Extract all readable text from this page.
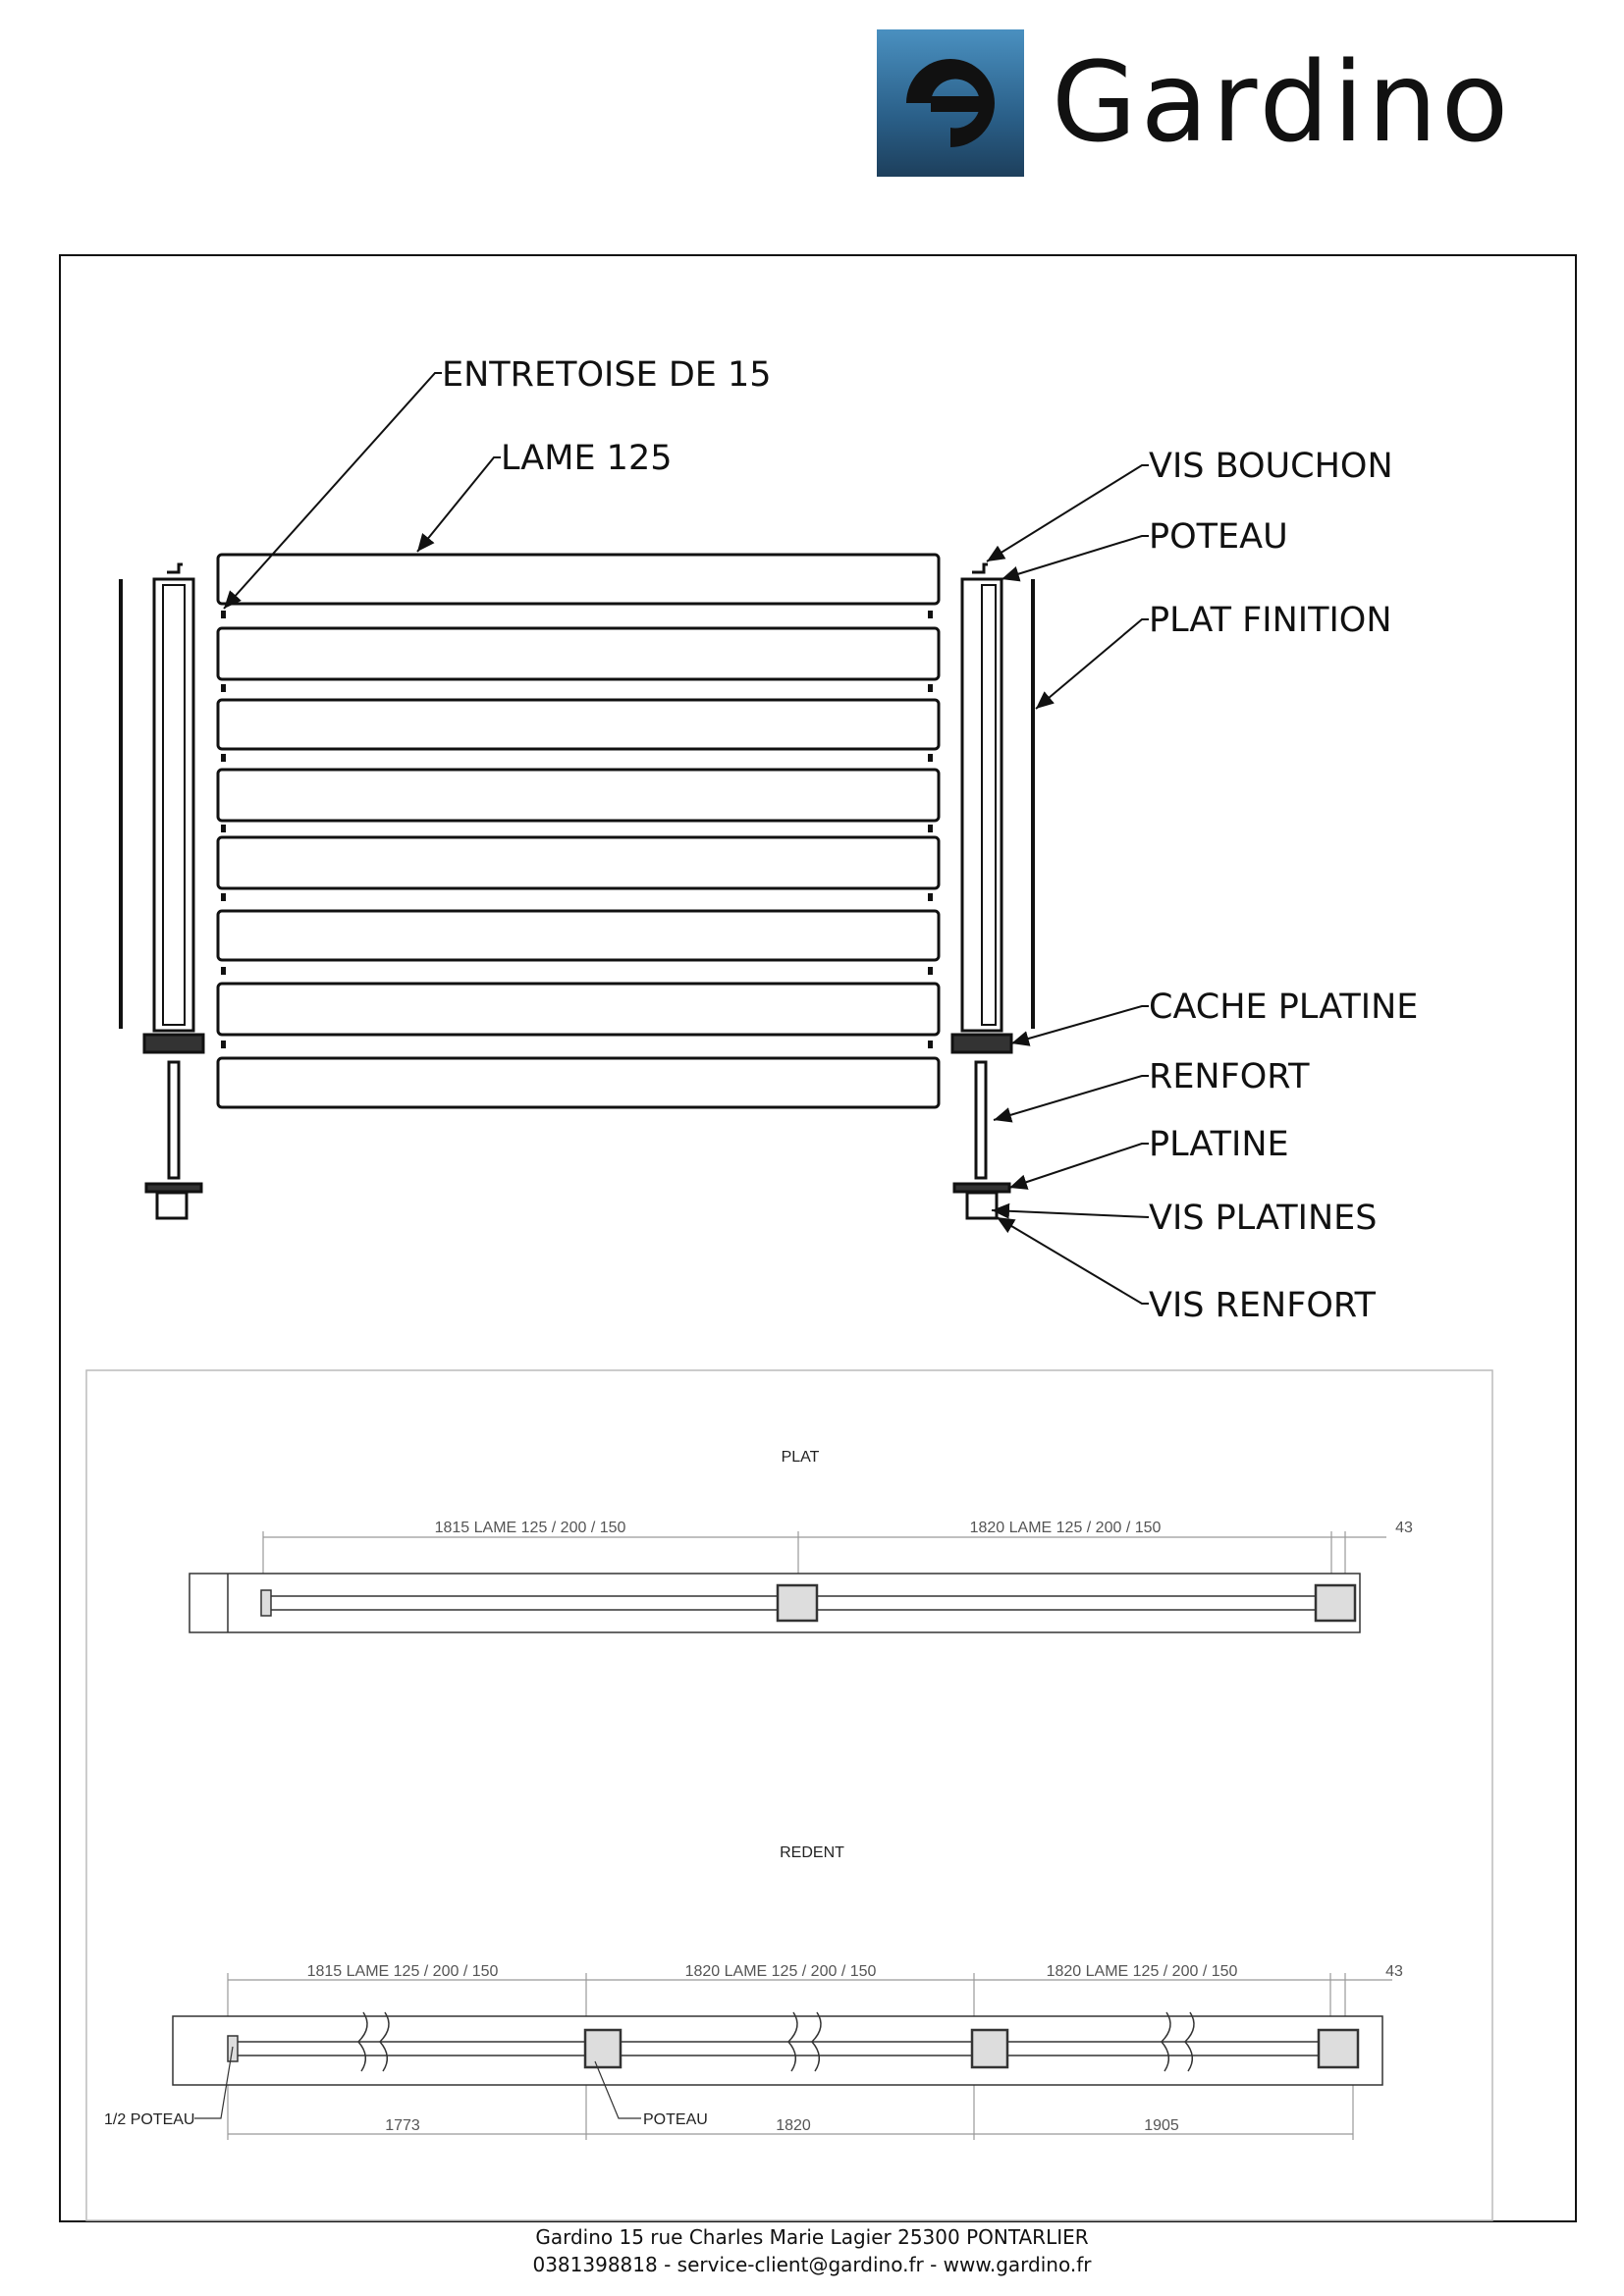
Gardino
ENTRETOISE DE 15
LAME 125	VIS BOUCHON
POTEAU
PLAT FINITION
CACHE PLATINE
RENFORT
PLATINE
VIS PLATINES
VIS RENFORT
PLAT
1815 LAME 125 / 200 / 150	1820 LAME 125 / 200 / 150	43
REDENT
1815 LAME 125 / 200 / 150	1820 LAME 125 / 200 / 150	1820 LAME 125 / 200 / 150	43
1/2 POTEAU	POTEAU
1773	1820	1905
Gardino 15 rue Charles Marie Lagier 25300 PONTARLIER
0381398818 - service-client@gardino.fr - www.gardino.fr
